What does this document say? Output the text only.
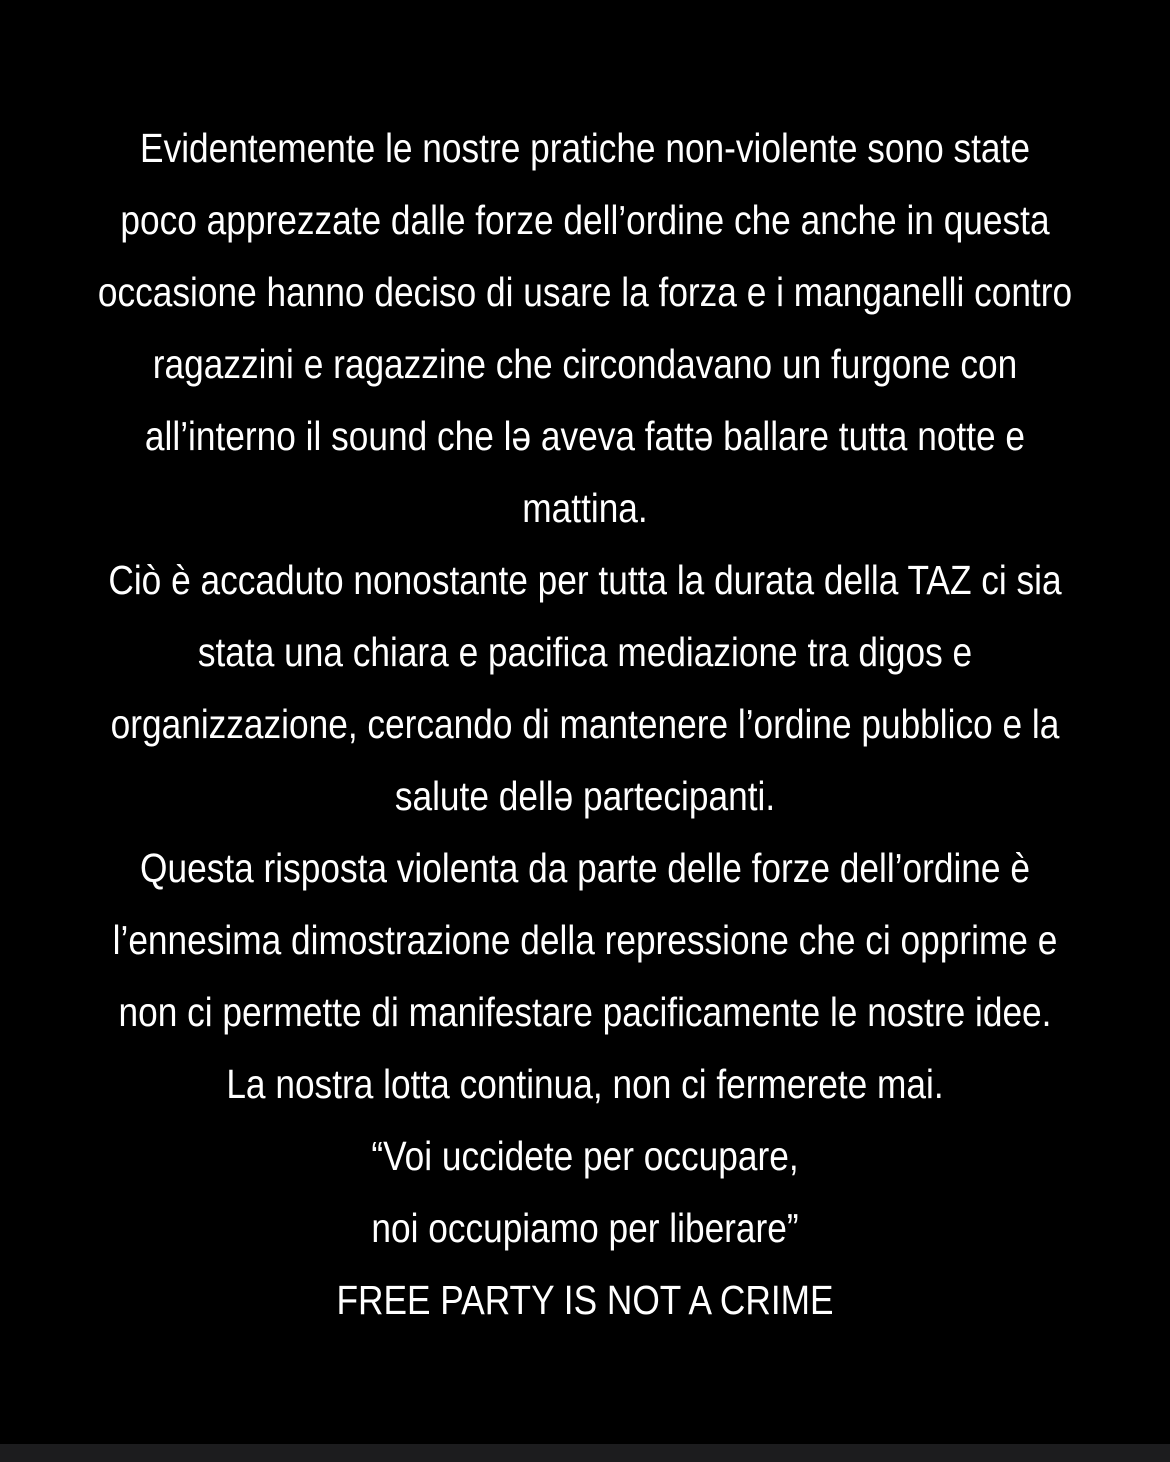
Evidentemente le nostre pratiche non-violente sono state
poco apprezzate dalle forze dell’ordine che anche in questa
occasione hanno deciso di usare la forza e i manganelli contro
ragazzini e ragazzine che circondavano un furgone con
all’interno il sound che lə aveva fattə ballare tutta notte e
mattina.
Ciò è accaduto nonostante per tutta la durata della TAZ ci sia
stata una chiara e pacifica mediazione tra digos e
organizzazione, cercando di mantenere l’ordine pubblico e la
salute dellə partecipanti.
Questa risposta violenta da parte delle forze dell’ordine è
l’ennesima dimostrazione della repressione che ci opprime e
non ci permette di manifestare pacificamente le nostre idee.
La nostra lotta continua, non ci fermerete mai.
“Voi uccidete per occupare,
noi occupiamo per liberare”
FREE PARTY IS NOT A CRIME
